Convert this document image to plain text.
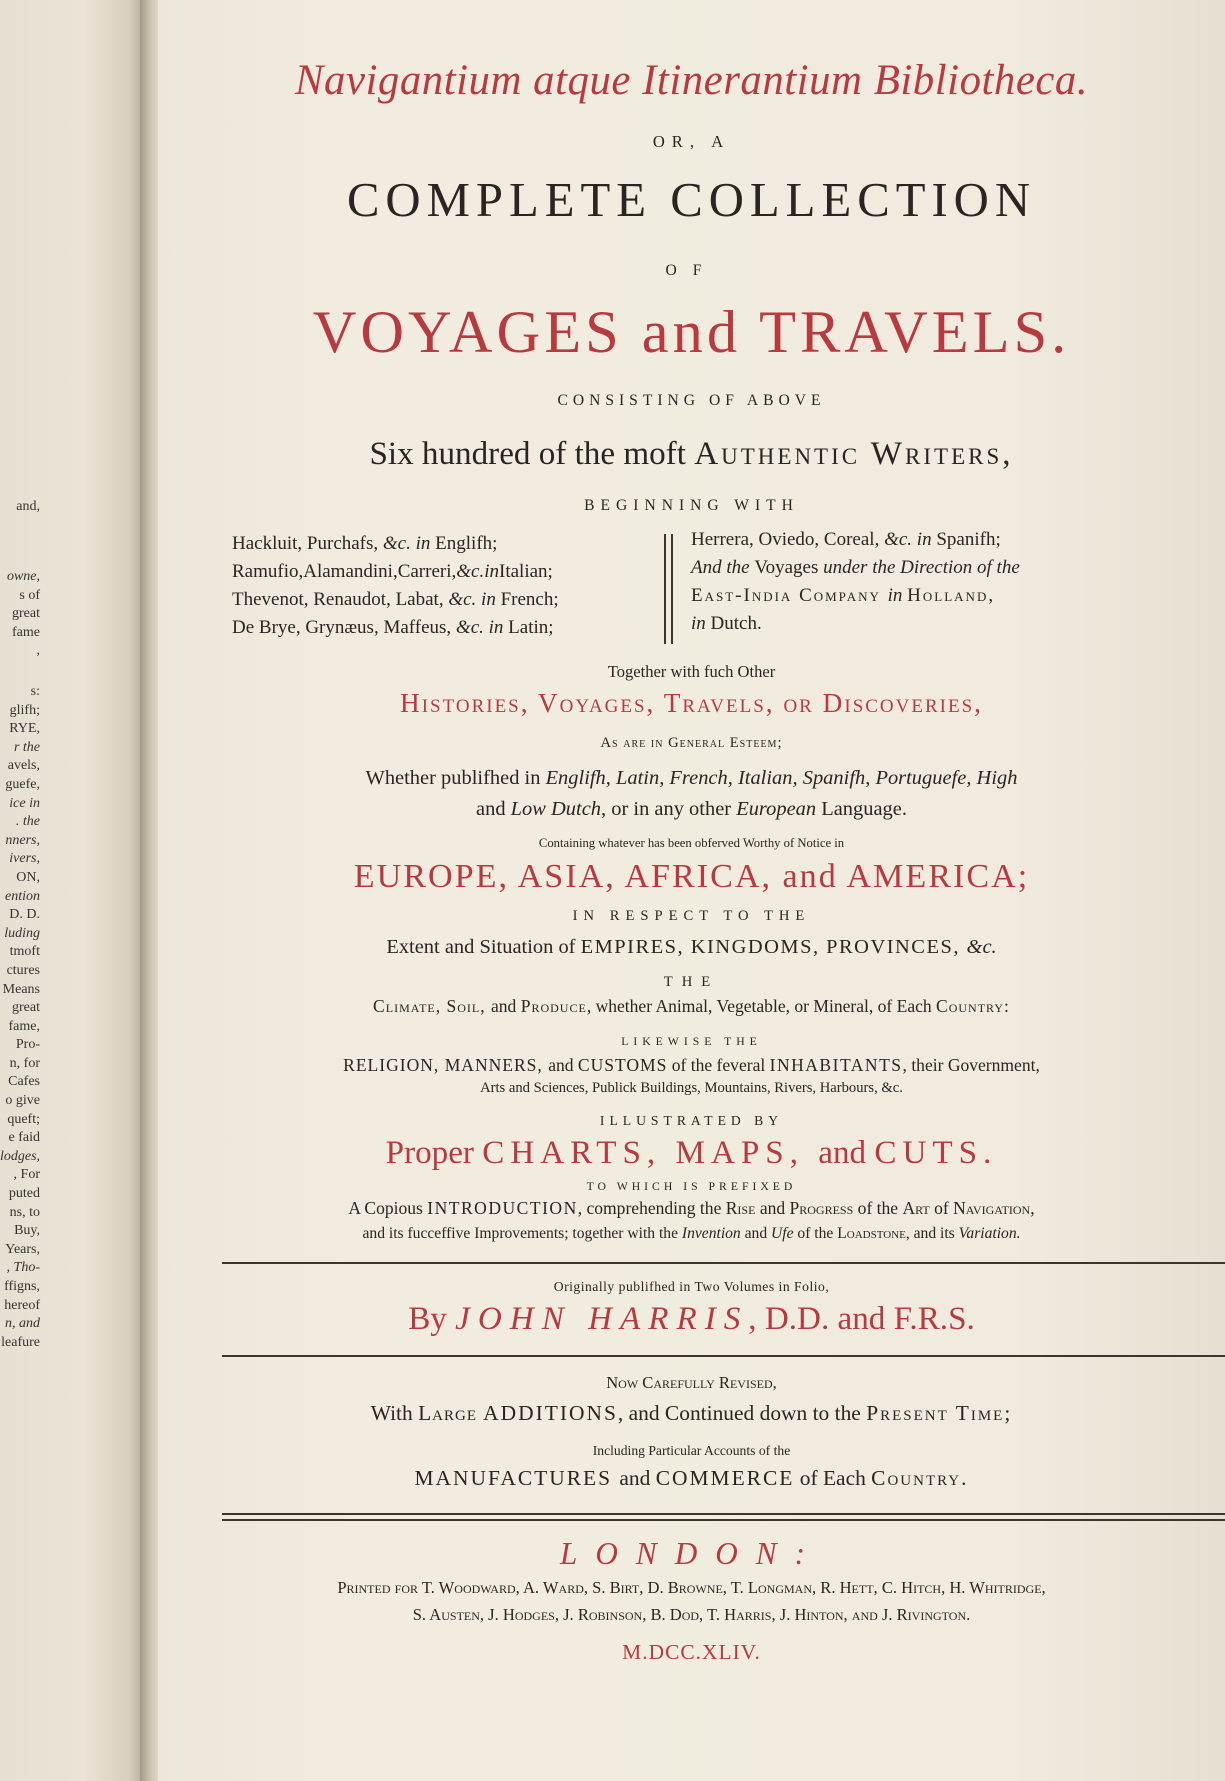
and,
owne,
s of
great
fame
,
s:
glifh;
RYE,
r the
avels,
guefe,
ice in
. the
nners,
ivers,
ON,
ention
D. D.
luding
tmoft
ctures
Means
great
fame,
Pro-
n, for
Cafes
o give
queft;
e faid
lodges,
, For
puted
ns, to
Buy,
Years,
, Tho-
ffigns,
hereof
n, and
leafure
Navigantium atque Itinerantium Bibliotheca.
OR, A
COMPLETE COLLECTION
OF
VOYAGES and TRAVELS.
CONSISTING OF ABOVE
Six hundred of the moft Authentic Writers,
BEGINNING WITH
Hackluit, Purchafs, &c. in Englifh;
Ramufio,Alamandini,Carreri,&c.inItalian;
Thevenot, Renaudot, Labat, &c. in French;
De Brye, Grynæus, Maffeus, &c. in Latin;
Herrera, Oviedo, Coreal, &c. in Spanifh;
And the Voyages under the Direction of the
East-India Company in Holland,
in Dutch.
Together with fuch Other
Histories, Voyages, Travels, or Discoveries,
As are in General Esteem;
Whether publifhed in Englifh, Latin, French, Italian, Spanifh, Portuguefe, High
and Low Dutch, or in any other European Language.
Containing whatever has been obferved Worthy of Notice in
EUROPE, ASIA, AFRICA, and AMERICA;
IN RESPECT TO THE
Extent and Situation of EMPIRES, KINGDOMS, PROVINCES, &c.
THE
Climate, Soil, and Produce, whether Animal, Vegetable, or Mineral, of Each Country:
LIKEWISE THE
RELIGION, MANNERS, and CUSTOMS of the feveral INHABITANTS, their Government,
Arts and Sciences, Publick Buildings, Mountains, Rivers, Harbours, &c.
ILLUSTRATED BY
Proper CHARTS, MAPS, and CUTS.
TO WHICH IS PREFIXED
A Copious INTRODUCTION, comprehending the Rise and Progress of the Art of Navigation,
and its fucceffive Improvements; together with the Invention and Ufe of the Loadstone, and its Variation.
Originally publifhed in Two Volumes in Folio,
By JOHN HARRIS, D.D. and F.R.S.
Now Carefully Revised,
With Large ADDITIONS, and Continued down to the Present Time;
Including Particular Accounts of the
MANUFACTURES and COMMERCE of Each Country.
LONDON:
Printed for T. Woodward, A. Ward, S. Birt, D. Browne, T. Longman, R. Hett, C. Hitch, H. Whitridge,
S. Austen, J. Hodges, J. Robinson, B. Dod, T. Harris, J. Hinton, and J. Rivington.
M.DCC.XLIV.
